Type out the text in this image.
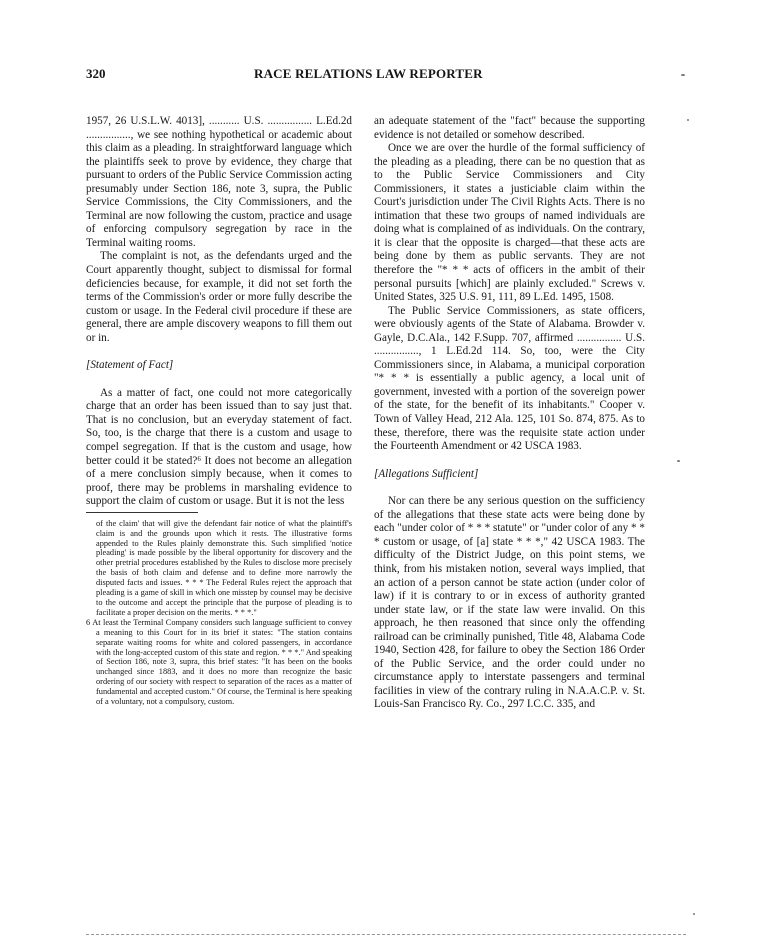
320	RACE RELATIONS LAW REPORTER

1957, 26 U.S.L.W. 4013], ........... U.S. ................ L.Ed.2d ................, we see nothing hypothetical or academic about this claim as a pleading. In straightforward language which the plaintiffs seek to prove by evidence, they charge that pursuant to orders of the Public Service Commission acting presumably under Section 186, note 3, supra, the Public Service Commissions, the City Commissioners, and the Terminal are now following the custom, practice and usage of enforcing compulsory segregation by race in the Terminal waiting rooms.

The complaint is not, as the defendants urged and the Court apparently thought, subject to dismissal for formal deficiencies because, for example, it did not set forth the terms of the Commission's order or more fully describe the custom or usage. In the Federal civil procedure if these are general, there are ample discovery weapons to fill them out or in.

[Statement of Fact]

As a matter of fact, one could not more categorically charge that an order has been issued than to say just that. That is no conclusion, but an everyday statement of fact. So, too, is the charge that there is a custom and usage to compel segregation. If that is the custom and usage, how better could it be stated?⁶ It does not become an allegation of a mere conclusion simply because, when it comes to proof, there may be problems in marshaling evidence to support the claim of custom or usage. But it is not the less

of the claim' that will give the defendant fair notice of what the plaintiff's claim is and the grounds upon which it rests. The illustrative forms appended to the Rules plainly demonstrate this. Such simplified 'notice pleading' is made possible by the liberal opportunity for discovery and the other pretrial procedures established by the Rules to disclose more precisely the basis of both claim and defense and to define more narrowly the disputed facts and issues. * * * The Federal Rules reject the approach that pleading is a game of skill in which one misstep by counsel may be decisive to the outcome and accept the principle that the purpose of pleading is to facilitate a proper decision on the merits. * * *."

6 At least the Terminal Company considers such language sufficient to convey a meaning to this Court for in its brief it states: "The station contains separate waiting rooms for white and colored passengers, in accordance with the long-accepted custom of this state and region. * * *." And speaking of Section 186, note 3, supra, this brief states: "It has been on the books unchanged since 1883, and it does no more than recognize the basic ordering of our society with respect to separation of the races as a matter of fundamental and accepted custom." Of course, the Terminal is here speaking of a voluntary, not a compulsory, custom.

an adequate statement of the "fact" because the supporting evidence is not detailed or somehow described.

Once we are over the hurdle of the formal sufficiency of the pleading as a pleading, there can be no question that as to the Public Service Commissioners and City Commissioners, it states a justiciable claim within the Court's jurisdiction under The Civil Rights Acts. There is no intimation that these two groups of named individuals are doing what is complained of as individuals. On the contrary, it is clear that the opposite is charged—that these acts are being done by them as public servants. They are not therefore the "* * * acts of officers in the ambit of their personal pursuits [which] are plainly excluded." Screws v. United States, 325 U.S. 91, 111, 89 L.Ed. 1495, 1508.

The Public Service Commissioners, as state officers, were obviously agents of the State of Alabama. Browder v. Gayle, D.C.Ala., 142 F.Supp. 707, affirmed ................ U.S. ................, 1 L.Ed.2d 114. So, too, were the City Commissioners since, in Alabama, a municipal corporation "* * * is essentially a public agency, a local unit of government, invested with a portion of the sovereign power of the state, for the benefit of its inhabitants." Cooper v. Town of Valley Head, 212 Ala. 125, 101 So. 874, 875. As to these, therefore, there was the requisite state action under the Fourteenth Amendment or 42 USCA 1983.

[Allegations Sufficient]

Nor can there be any serious question on the sufficiency of the allegations that these state acts were being done by each "under color of * * * statute" or "under color of any * * * custom or usage, of [a] state * * *," 42 USCA 1983. The difficulty of the District Judge, on this point stems, we think, from his mistaken notion, several ways implied, that an action of a person cannot be state action (under color of law) if it is contrary to or in excess of authority granted under state law, or if the state law were invalid. On this approach, he then reasoned that since only the offending railroad can be criminally punished, Title 48, Alabama Code 1940, Section 428, for failure to obey the Section 186 Order of the Public Service, and the order could under no circumstance apply to interstate passengers and terminal facilities in view of the contrary ruling in N.A.A.C.P. v. St. Louis-San Francisco Ry. Co., 297 I.C.C. 335, and
